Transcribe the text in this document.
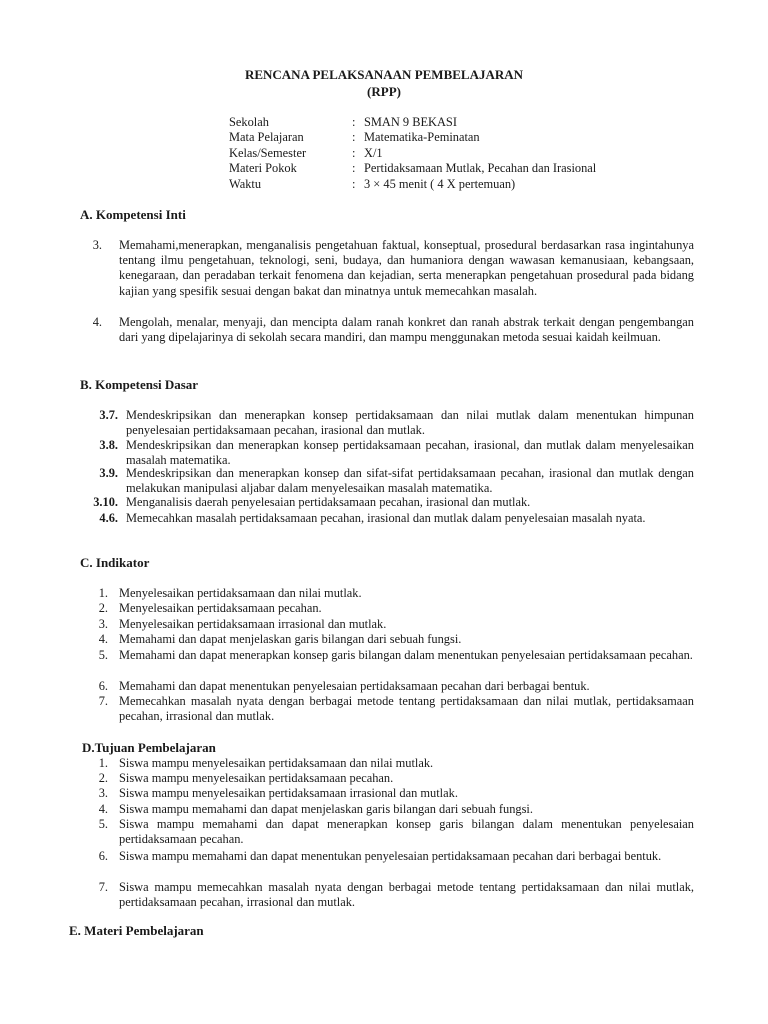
RENCANA PELAKSANAAN PEMBELAJARAN
(RPP)
Sekolah	: SMAN 9 BEKASI
Mata Pelajaran	: Matematika-Peminatan
Kelas/Semester	: X/1
Materi Pokok	: Pertidaksamaan Mutlak, Pecahan dan Irasional
Waktu	: 3 × 45 menit ( 4 X pertemuan)
A. Kompetensi Inti
3. Memahami,menerapkan, menganalisis pengetahuan faktual, konseptual, prosedural berdasarkan rasa ingintahunya tentang ilmu pengetahuan, teknologi, seni, budaya, dan humaniora dengan wawasan kemanusiaan, kebangsaan, kenegaraan, dan peradaban terkait fenomena dan kejadian, serta menerapkan pengetahuan prosedural pada bidang kajian yang spesifik sesuai dengan bakat dan minatnya untuk memecahkan masalah.
4. Mengolah, menalar, menyaji, dan mencipta dalam ranah konkret dan ranah abstrak terkait dengan pengembangan dari yang dipelajarinya di sekolah secara mandiri, dan mampu menggunakan metoda sesuai kaidah keilmuan.
B. Kompetensi Dasar
3.7. Mendeskripsikan dan menerapkan konsep pertidaksamaan dan nilai mutlak dalam menentukan himpunan penyelesaian pertidaksamaan pecahan, irasional dan mutlak.
3.8. Mendeskripsikan dan menerapkan konsep pertidaksamaan pecahan, irasional, dan mutlak dalam menyelesaikan masalah matematika.
3.9. Mendeskripsikan dan menerapkan konsep dan sifat-sifat pertidaksamaan pecahan, irasional dan mutlak dengan melakukan manipulasi aljabar dalam menyelesaikan masalah matematika.
3.10. Menganalisis daerah penyelesaian pertidaksamaan pecahan, irasional dan mutlak.
4.6. Memecahkan masalah pertidaksamaan pecahan, irasional dan mutlak dalam penyelesaian masalah nyata.
C. Indikator
1. Menyelesaikan pertidaksamaan dan nilai mutlak.
2. Menyelesaikan pertidaksamaan pecahan.
3. Menyelesaikan pertidaksamaan irrasional dan mutlak.
4. Memahami dan dapat menjelaskan garis bilangan dari sebuah fungsi.
5. Memahami dan dapat menerapkan konsep garis bilangan dalam menentukan penyelesaian pertidaksamaan pecahan.
6. Memahami dan dapat menentukan penyelesaian pertidaksamaan pecahan dari berbagai bentuk.
7. Memecahkan masalah nyata dengan berbagai metode tentang pertidaksamaan dan nilai mutlak, pertidaksamaan pecahan, irrasional dan mutlak.
D.Tujuan Pembelajaran
1. Siswa mampu menyelesaikan pertidaksamaan dan nilai mutlak.
2. Siswa mampu menyelesaikan pertidaksamaan pecahan.
3. Siswa mampu menyelesaikan pertidaksamaan irrasional dan mutlak.
4. Siswa mampu memahami dan dapat menjelaskan garis bilangan dari sebuah fungsi.
5. Siswa mampu memahami dan dapat menerapkan konsep garis bilangan dalam menentukan penyelesaian pertidaksamaan pecahan.
6. Siswa mampu memahami dan dapat menentukan penyelesaian pertidaksamaan pecahan dari berbagai bentuk.
7. Siswa mampu memecahkan masalah nyata dengan berbagai metode tentang pertidaksamaan dan nilai mutlak, pertidaksamaan pecahan, irrasional dan mutlak.
E. Materi Pembelajaran
